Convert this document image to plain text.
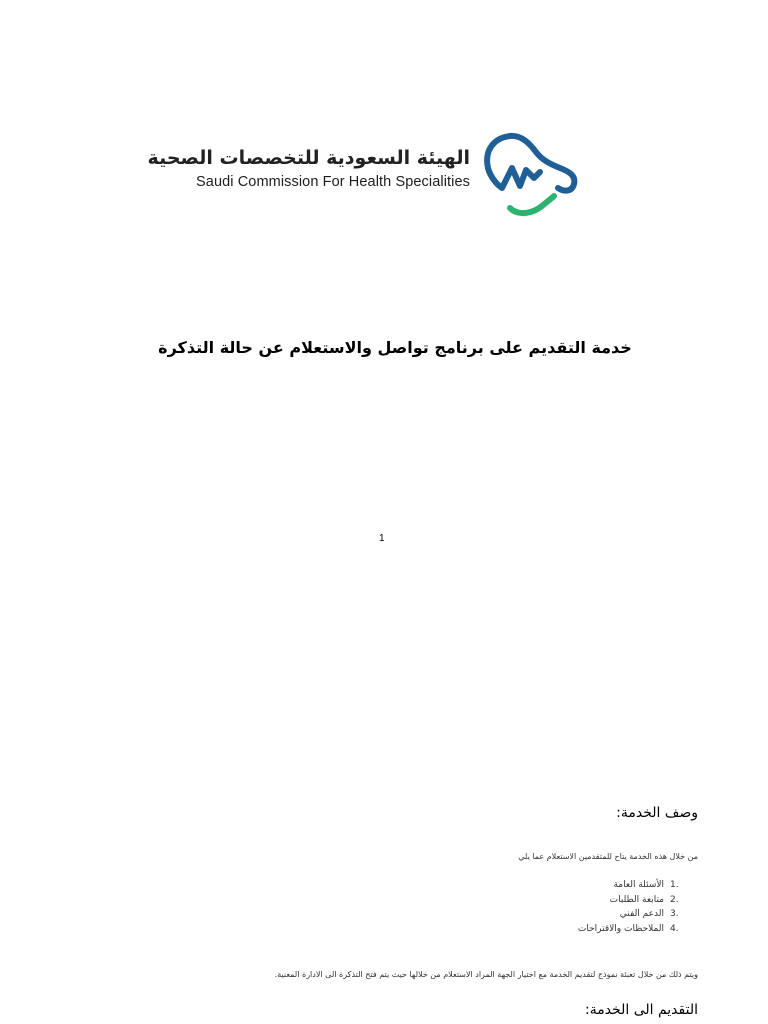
الهيئة السعودية للتخصصات الصحية
Saudi Commission For Health Specialities
خدمة التقديم على برنامج تواصل والاستعلام عن حالة التذكرة
1
وصف الخدمة:
من خلال هذه الخدمة يتاح للمتقدمين الاستعلام عما يلي
1.الأسئلة العامة
2.متابعة الطلبات
3.الدعم الفني
4.الملاحظات والاقتراحات
ويتم ذلك من خلال تعبئة نموذج لتقديم الخدمة مع اختيار الجهة المراد الاستعلام من خلالها حيث يتم فتح التذكرة الى الادارة المعنية.
التقديم الى الخدمة:
